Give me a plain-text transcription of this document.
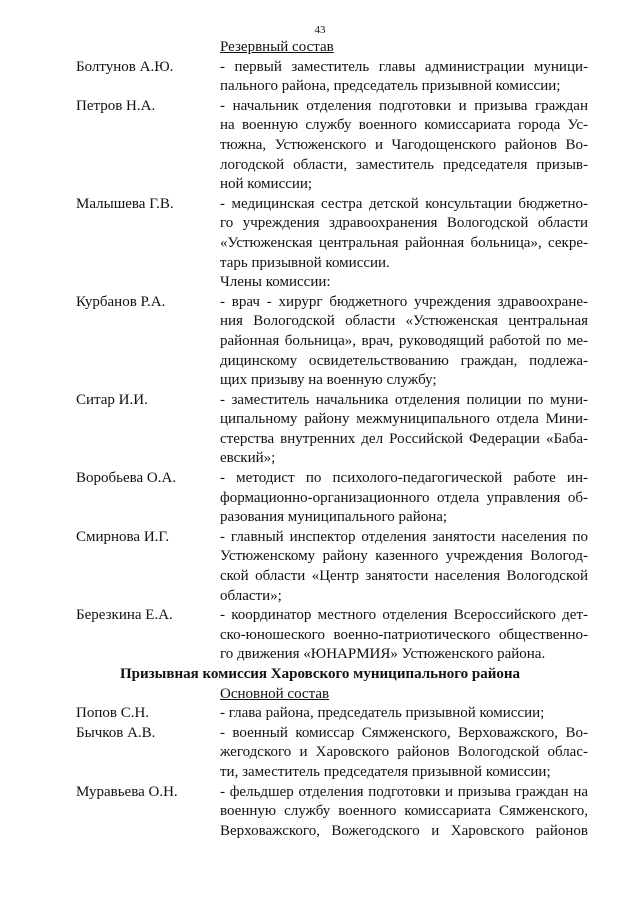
43
Резервный состав
Болтунов А.Ю.	- первый заместитель главы администрации муници-
пального района, председатель призывной комиссии;
Петров Н.А.	- начальник отделения подготовки и призыва граждан
на военную службу военного комиссариата города Ус-
тюжна, Устюженского и Чагодощенского районов Во-
логодской области, заместитель председателя призыв-
ной комиссии;
Малышева Г.В.	- медицинская сестра детской консультации бюджетно-
го учреждения здравоохранения Вологодской области
«Устюженская центральная районная больница», секре-
тарь призывной комиссии.
Члены комиссии:
Курбанов Р.А.	- врач - хирург бюджетного учреждения здравоохране-
ния Вологодской области «Устюженская центральная
районная больница», врач, руководящий работой по ме-
дицинскому освидетельствованию граждан, подлежа-
щих призыву на военную службу;
Ситар И.И.	- заместитель начальника отделения полиции по муни-
ципальному району межмуниципального отдела Мини-
стерства внутренних дел Российской Федерации «Баба-
евский»;
Воробьева О.А.	- методист по психолого-педагогической работе ин-
формационно-организационного отдела управления об-
разования муниципального района;
Смирнова И.Г.	- главный инспектор отделения занятости населения по
Устюженскому району казенного учреждения Вологод-
ской области «Центр занятости населения Вологодской
области»;
Березкина Е.А.	- координатор местного отделения Всероссийского дет-
ско-юношеского военно-патриотического общественно-
го движения «ЮНАРМИЯ» Устюженского района.
Призывная комиссия Хаpовского муниципального района
Основной состав
Попов С.Н.	- глава района, председатель призывной комиссии;
Бычков А.В.	- военный комиссар Сямженского, Верховажского, Во-
жегодского и Харовского районов Вологодской облас-
ти, заместитель председателя призывной комиссии;
Муравьева О.Н.	- фельдшер отделения подготовки и призыва граждан на
военную службу военного комиссариата Сямженского,
Верховажского, Вожегодского и Харовского районов
